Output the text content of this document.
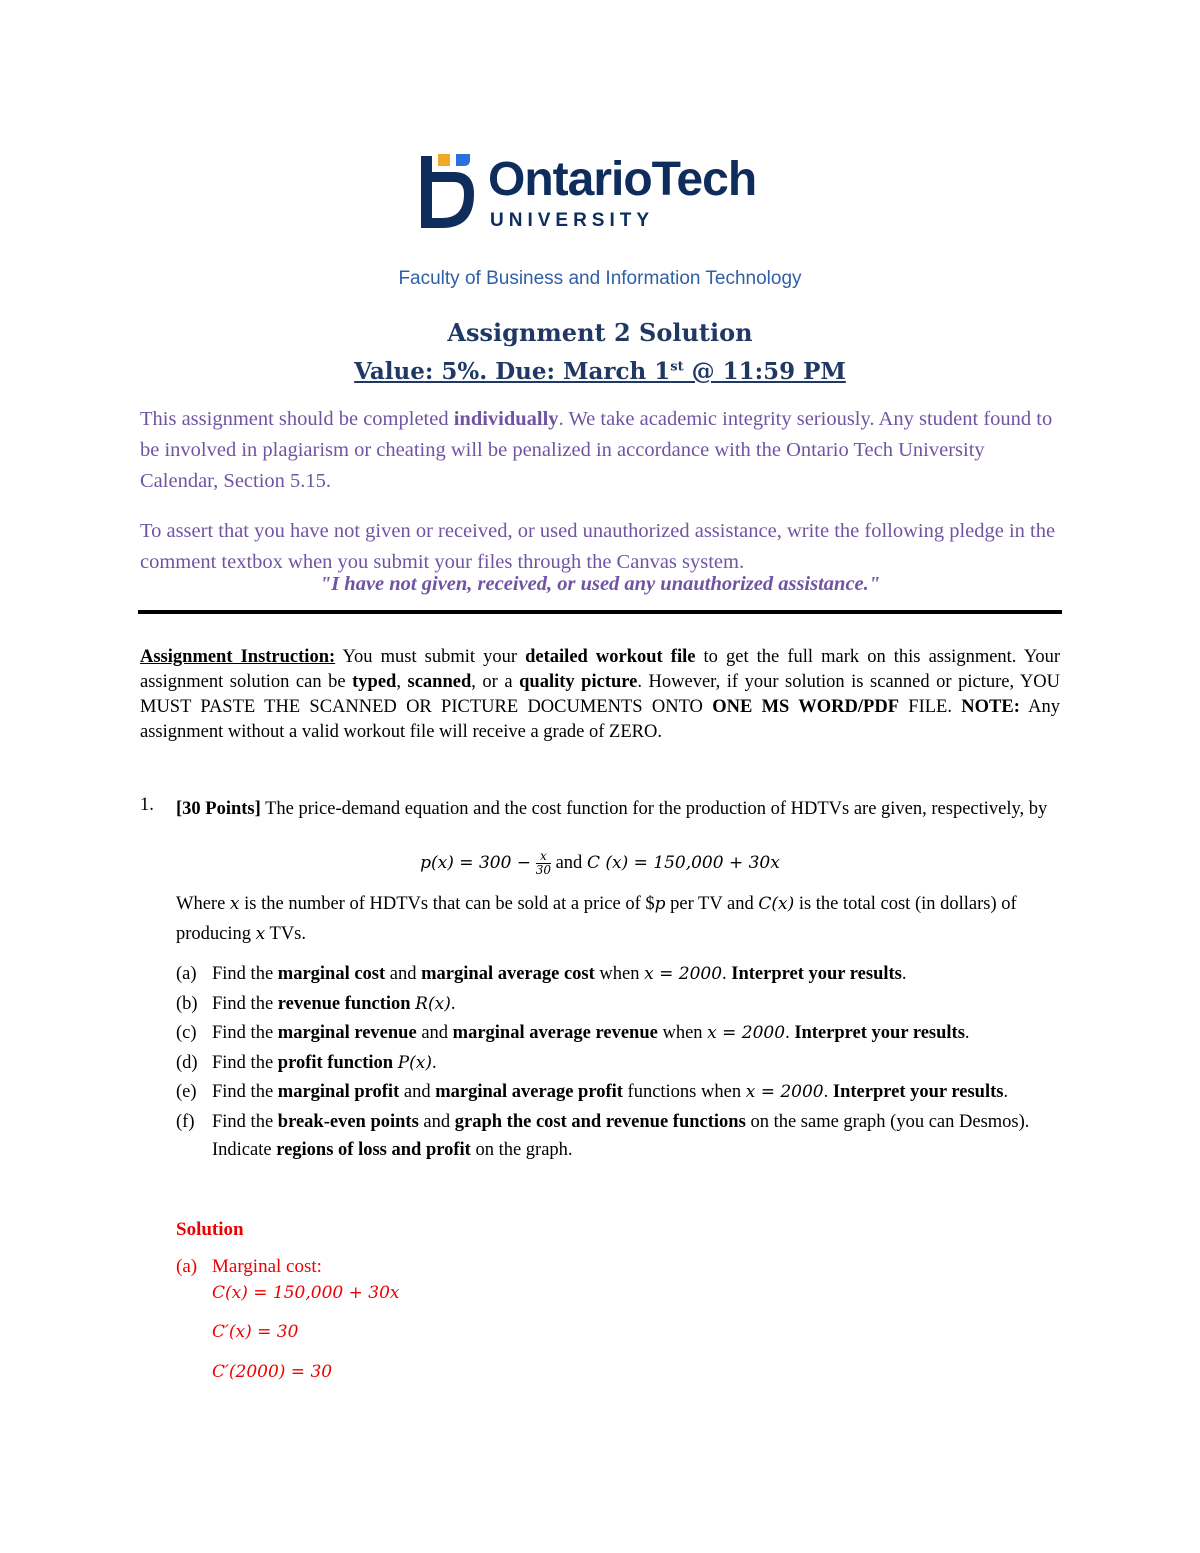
OntarioTech
UNIVERSITY
Faculty of Business and Information Technology
Assignment 2 Solution
Value: 5%. Due: March 1st @ 11:59 PM
This assignment should be completed individually. We take academic integrity seriously. Any student found to be involved in plagiarism or cheating will be penalized in accordance with the Ontario Tech University Calendar, Section 5.15.
To assert that you have not given or received, or used unauthorized assistance, write the following pledge in the comment textbox when you submit your files through the Canvas system.
"I have not given, received, or used any unauthorized assistance."
Assignment Instruction: You must submit your detailed workout file to get the full mark on this assignment. Your assignment solution can be typed, scanned, or a quality picture. However, if your solution is scanned or picture, YOU MUST PASTE THE SCANNED OR PICTURE DOCUMENTS ONTO ONE MS WORD/PDF FILE. NOTE: Any assignment without a valid workout file will receive a grade of ZERO.
1. [30 Points] The price-demand equation and the cost function for the production of HDTVs are given, respectively, by
$p(x) = 300 - \frac{x}{30}$ and C (x) = 150,000 + 30x
Where x is the number of HDTVs that can be sold at a price of $p per TV and C(x) is the total cost (in dollars) of producing x TVs.
(a) Find the marginal cost and marginal average cost when x = 2000. Interpret your results.
(b) Find the revenue function R(x).
(c) Find the marginal revenue and marginal average revenue when x = 2000. Interpret your results.
(d) Find the profit function P(x).
(e) Find the marginal profit and marginal average profit functions when x = 2000. Interpret your results.
(f) Find the break-even points and graph the cost and revenue functions on the same graph (you can Desmos). Indicate regions of loss and profit on the graph.
Solution
(a) Marginal cost:
C(x) = 150,000 + 30x
C′(x) = 30
C′(2000) = 30
